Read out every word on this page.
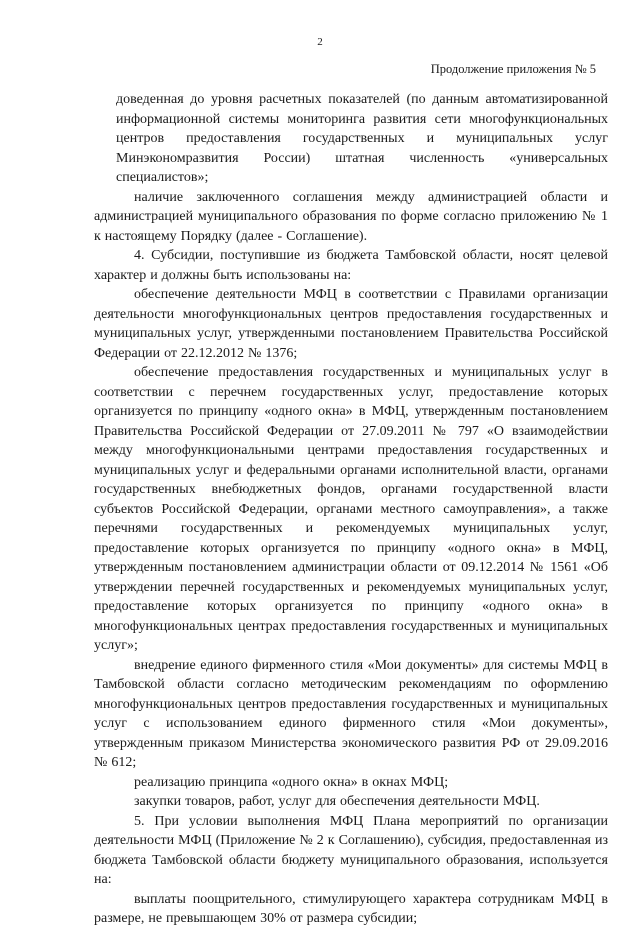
2
Продолжение приложения № 5

доведенная до уровня расчетных показателей (по данным автоматизированной информационной системы мониторинга развития сети многофункциональных центров предоставления государственных и муниципальных услуг Минэкономразвития России) штатная численность «универсальных специалистов»;

наличие заключенного соглашения между администрацией области и администрацией муниципального образования по форме согласно приложению № 1 к настоящему Порядку (далее - Соглашение).

4. Субсидии, поступившие из бюджета Тамбовской области, носят целевой характер и должны быть использованы на:

обеспечение деятельности МФЦ в соответствии с Правилами организации деятельности многофункциональных центров предоставления государственных и муниципальных услуг, утвержденными постановлением Правительства Российской Федерации от 22.12.2012 № 1376;

обеспечение предоставления государственных и муниципальных услуг в соответствии с перечнем государственных услуг, предоставление которых организуется по принципу «одного окна» в МФЦ, утвержденным постановлением Правительства Российской Федерации от 27.09.2011 № 797 «О взаимодействии между многофункциональными центрами предоставления государственных и муниципальных услуг и федеральными органами исполнительной власти, органами государственных внебюджетных фондов, органами государственной власти субъектов Российской Федерации, органами местного самоуправления», а также перечнями государственных и рекомендуемых муниципальных услуг, предоставление которых организуется по принципу «одного окна» в МФЦ, утвержденным постановлением администрации области от 09.12.2014 № 1561 «Об утверждении перечней государственных и рекомендуемых муниципальных услуг, предоставление которых организуется по принципу «одного окна» в многофункциональных центрах предоставления государственных и муниципальных услуг»;

внедрение единого фирменного стиля «Мои документы» для системы МФЦ в Тамбовской области согласно методическим рекомендациям по оформлению многофункциональных центров предоставления государственных и муниципальных услуг с использованием единого фирменного стиля «Мои документы», утвержденным приказом Министерства экономического развития РФ от 29.09.2016 № 612;

реализацию принципа «одного окна» в окнах МФЦ;

закупки товаров, работ, услуг для обеспечения деятельности МФЦ.

5. При условии выполнения МФЦ Плана мероприятий по организации деятельности МФЦ (Приложение № 2 к Соглашению), субсидия, предоставленная из бюджета Тамбовской области бюджету муниципального образования, используется на:

выплаты поощрительного, стимулирующего характера сотрудникам МФЦ в размере, не превышающем 30% от размера субсидии;
